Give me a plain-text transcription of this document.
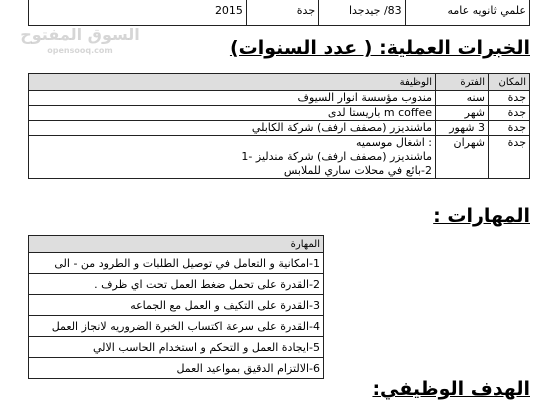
السوق المفتوح
opensooq.com
علمي ثانويه عامه	83/ جيدجدا	جدة	2015
الخبرات العملية: ( عدد السنوات)
المكان	الفترة	الوظيفة
جدة	سنه	مندوب مؤسسة انوار السيوف
جدة	شهر	m coffee باريستا لدى
جدة	3 شهور	ماشنديزر (مصفف ارفف) شركة الكابلي
جدة	شهران	: اشغال موسميه
ماشنديزر (مصفف ارفف) شركة مندليز -1
2-بائع في محلات ساري للملابس
المهارات :
المهارة
1-امكانية و التعامل في توصيل الطلبات و الطرود من - الى
2-القدرة على تحمل ضغط العمل تحت اي ظرف .
3-القدرة على التكيف و العمل مع الجماعه
4-القدرة على سرعة اكتساب الخبرة الضروريه لانجاز العمل
5-ايجادة العمل و التحكم و استخدام الحاسب الالي
6-الالتزام الدقيق بمواعيد العمل
الهدف الوظيفي:
